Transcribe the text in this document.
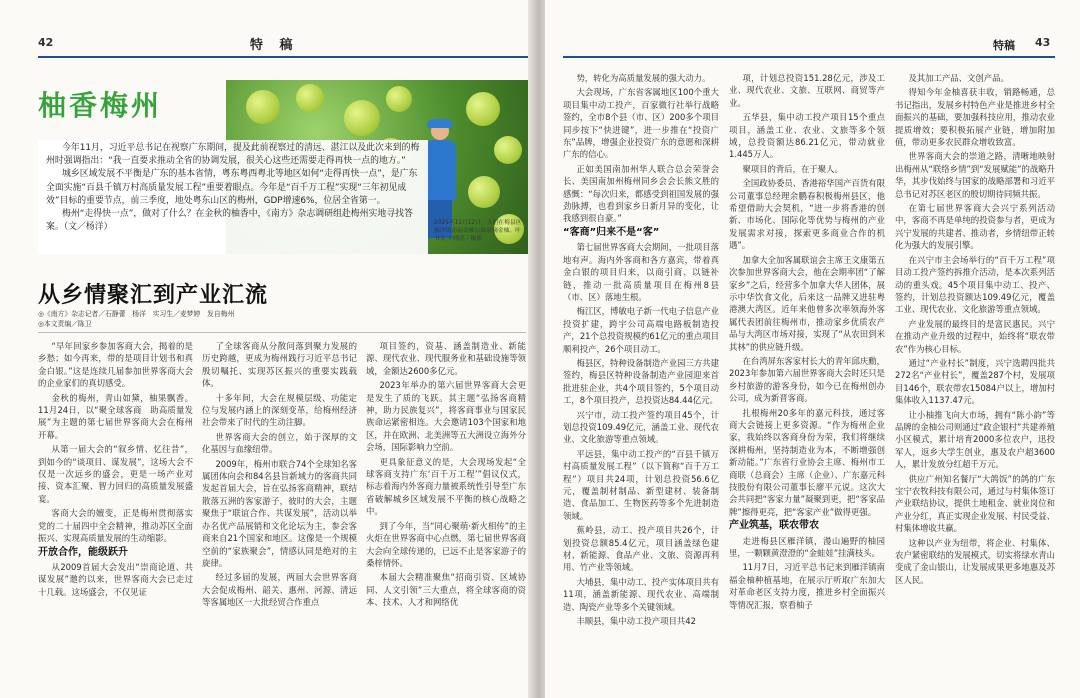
42	特 稿
柚香梅州

今年11月，习近平总书记在视察广东期间，提及此前视察过的清远、湛江以及此次来到的梅州时强调指出：“我一直要求推动全省的协调发展，很关心这些还需要走得再快一点的地方。”

城乡区域发展不平衡是广东的基本省情，粤东粤西粤北等地区如何“走得再快一点”，是广东全面实施“百县千镇万村高质量发展工程”重要着眼点。今年是“百千万工程”实现“三年初见成效”目标的重要节点，前三季度，地处粤东山区的梅州，GDP增速6%，位居全省第一。

梅州“走得快一点”，做对了什么？在金秋的柚香中，《南方》杂志调研组赴梅州实地寻找答案。（文／杨洋）	2025年11月12日，人们在梅县区雁洋镇南福金柚公园采摘金柚。叶书文 卜晓萍／摄影
从乡情聚汇到产业汇流
◎《南方》杂志记者／石静蕾　杨洋　实习生／麦梦婷　发自梅州
◎本文责编／陈卫

“早年回家乡参加客商大会，揭着的是乡愁；如今再来，带的是项目计划书和真金白银。”这是连续几届参加世界客商大会的企业家们的真切感受。

金秋的梅州，青山如黛，柚果飘香。11月24日，以“聚全球客商　助高质量发展”为主题的第七届世界客商大会在梅州开幕。

从第一届大会的“叙乡情、忆往昔”，到如今的“谈项目、谋发展”，这场大会不仅是一次远乡的盛会，更是一场产业对接、资本汇聚、智力回归的高质量发展盛宴。

客商大会的嬗变，正是梅州贯彻落实党的二十届四中全会精神，推动苏区全面振兴、实现高质量发展的生动缩影。

开放合作，能级跃升

从2009首届大会发出“崇商论道、共谋发展”邀约以来，世界客商大会已走过十几载。这场盛会，不仅见证

了全球客商从分散问落到聚力发展的历史跨越，更成为梅州践行习近平总书记殷切嘱托、实现苏区振兴的重要实践载体。

十多年间，大会在规模层级、功能定位与发展内涵上的深刻变革，给梅州经济社会带来了时代的生动注脚。

世界客商大会的创立，始于深厚的文化基因与血缘纽带。

2009年，梅州市联合74个全球知名客属团体向会和84名县旨新域力的客商共同发起首届大会，旨在弘扬客商精神，联结散落五洲的客家游子，彼时的大会，主题聚焦于“联谊合作、共谋发展”，活动以举办名优产品展销和文化论坛为主，参会客商来自21个国家和地区。这像是一个规模空前的“家族聚会”，情感认同是绝对的主旋律。

经过多届的发展，两届大会世界客商大会促成梅州、韶关、惠州、河源、清远等客属地区一大批经贸合作重点

项目签约，资基、涵盖制造业、新能源、现代农业、现代服务业和基础设施等领域，金额达2600多亿元。

2023年举办的第六届世界客商大会更是发生了质的飞跃。其主题“弘扬客商精神，助力民族复兴”，将客商事业与国家民族命运紧密相连。大会邀请103个国家和地区，并在欧洲、北美洲等五大洲设立海外分会场，国际影响力空前。

更具象征意义的是，大会现场发起“全球客商支持广东‘百千万工程’”倡议仪式，标志着海内外客商力量被系统性引导至广东省破解城乡区域发展不平衡的核心战略之中。

到了今年，当“同心聚萌·新火相传”的主火炬在世界客商中心点燃，第七届世界客商大会向全球传递的，已远不止是客家游子的桑梓情怀。

本届大会精准聚焦“招商引资、区域协同、人文引领”三大重点，将全球客商的资本、技术、人才和网络优

特稿 43

势，转化为高质量发展的强大动力。

大会现场，广东省客属地区100个重大项目集中动工投产，百家微行社举行战略签约，全市8个县（市、区）200多个项目同步按下“快进键”，进一步推在“投资广东”品牌，增强企业投资广东的意愿和深耕广东的信心。

正如美国南加州华人联合总会荣誉会长、美国南加州梅州同乡会会长熊文胜的感慨：“每次归来，都感受到祖国发展的强劲脉搏，也看到家乡日新月异的变化，让我感到很自豪。”

“客商”归来不是“客”

第七届世界客商大会期间，一批项目落地有声。海内外客商和各方嘉宾，带着真金白银的项目归来，以商引商、以链补链，推动一批高质量项目在梅州8县（市、区）落地生根。

梅江区，博敏电子新一代电子信息产业投资扩建，跨宇公司高端电路板制造投产，21个总投资规模约61亿元的重点项目顺利投产，26个项目动工。

梅县区，特种设备制造产业园三方共建签约，梅县区特种设备制造产业园迎来首批进驻企业，共4个项目签约，5个项目动工，8个项目投产，总投资达84.44亿元。

兴宁市，动工投产签约项目45个，计划总投资109.49亿元，涵盖工业、现代农业、文化旅游等重点领域。

平远县，集中动工投产的“百县千镇万村高质量发展工程”（以下简称“百千万工程”）项目共24项，计划总投资56.6亿元，覆盖制材制品、新型建材、装备制造、食品加工、生物医药等多个先进制造领域。

蕉岭县，动工、投产项目共26个，计划投资总额85.4亿元，项目涵盖绿色建材、新能源、食品产业、文旅、资源再利用、竹产业等领域。

大埔县，集中动工、投产实体项目共有11项，涵盖新能源、现代农业、高端制造、陶瓷产业等多个关键领域。

丰顺县，集中动工投产项目共42

项，计划总投资151.28亿元，涉及工业、现代农业、文旅、互联网、商贸等产业。

五华县，集中动工投产项目15个重点项目，涵盖工业、农业、文旅等多个领域，总投资额达86.21亿元，带动就业1.445万人。

聚项目的背后，在于聚人。

全国政协委员、香港裕华国产百货有限公司董事总经理余鹏春积极梅州县区，他希望借助大会契机，“进一步将香港的创新、市场化、国际化等优势与梅州的产业发展需求对接，探索更多商业合作的机遇”。

加拿大全加客属联谊会主席王文康第五次参加世界客商大会，他在会期率团“了解家乡”之后，经营多个加拿大华人团体，展示中华饮食文化，后来这一品牌又进驻粤港澳大湾区。近年来他曾多次率领海外客属代表团前往梅州市，推动家乡优质农产品与大湾区市场对接，实现了“从农田到米其林”的供应链升级。

在台湾屏东客家村长大的青年邱庆勳，2023年参加第六届世界客商大会时还只是乡村旅游的游客身份，如今已在梅州创办公司，成为新晋客商。

扎根梅州20多年的嘉元科技，通过客商大会链接上更多资源。“作为梅州企业家，我始终以客商身份为荣，我们将继续深耕梅州，坚持制造业为本，不断增强创新动能。”广东省行业协会主席、梅州市工商联（总商会）主席（企业）、广东嘉元科技股份有限公司董事长廖平元说。这次大会共同把“客家力量”凝聚到更，把“客家品牌”擦得更亮，把“客家产业”做得更强。

产业筑基，联农带农

走进梅县区雁洋镇，漫山遍野的柚园里，一颗颗黄澄澄的“金蛙娃”挂满枝头。

11月7日，习近平总书记来到雁洋镇南福金柚种植基地，在展示厅听取广东加大对革命老区支持力度，推进乡村全面振兴等情况汇报，察看柚子

及其加工产品、文创产品。

得知今年金柚喜获丰收，销路畅通，总书记指出，发展乡村特色产业是推进乡村全面振兴的基础，要加强科技应用，推动农业提质增效；要积极拓展产业链，增加附加值，带动更多农民群众增收致富。

世界客商大会的崇道之路，清晰地映射出梅州从“联络乡情”到“发展赋能”的战略升华，其步伐始终与国家的战略部署和习近平总书记对苏区老区的殷切期待同频共振。

在第七届世界客商大会兴宁系列活动中，客商不再是单纯的投资参与者，更成为兴宁发展的共建者、推动者，乡情纽带正转化为强大的发展引擎。

在兴宁市主会场举行的“百千万工程”项目动工投产签约拆推介活动，是本次系列活动的重头戏。45个项目集中动工、投产、签约，计划总投资额达109.49亿元，覆盖工业、现代农业、文化旅游等重点领域。

产业发展的最终目的是富民惠民。兴宁在推动产业升级的过程中，始终将“联农带农”作为核心目标。

通过“产业村长”制度，兴宁选聘四批共272名“产业村长”，覆盖287个村，发展项目146个，联农带农15084户以上，增加村集体收入1137.47元。

让小柚推飞向大市场，拥有“陈小韵”等品牌的金柚公司则通过“政企银村”共建养殖小区模式，累计培育2000多位农户，迅投军人，返乡大学生创业，惠及农户超3600人，累计发放分红超千万元。

供应广州知名餐厅“大鸽饭”的鸽的广东宝宁农牧科技有限公司，通过与村集体签订产业联结协议，提供土地租金、就业岗位和产业分红，真正实现企业发展、村民受益、村集体增收共赢。

这种以产业为纽带，将企业、村集体、农户紧密联结的发展模式，切实将绿水青山变成了金山银山，让发展成果更多地惠及苏区人民。
